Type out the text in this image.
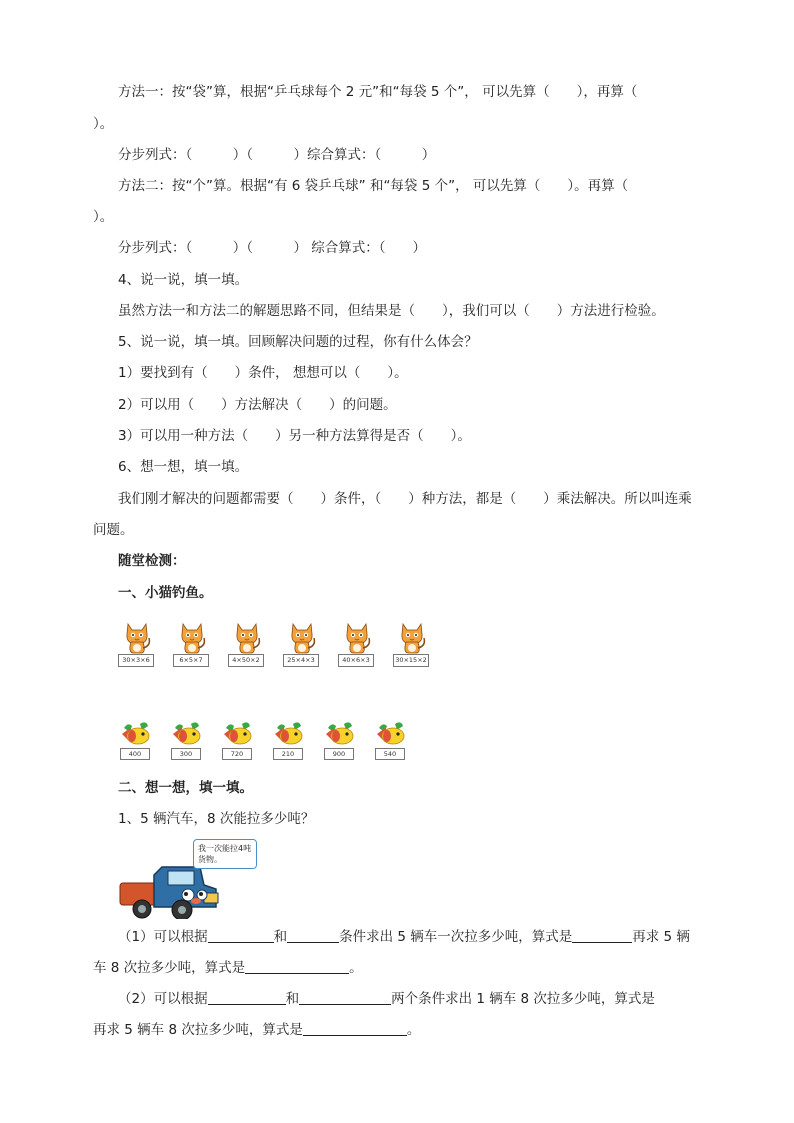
方法一：按“袋”算，根据“乒乓球每个 2 元”和“每袋 5 个”， 可以先算（　　），再算（
）。
分步列式：（　　　）（　　　）综合算式：（　　　）
方法二：按“个”算。根据“有 6 袋乒乓球” 和“每袋 5 个”， 可以先算（　　）。再算（
）。
分步列式：（　　　）（　　　） 综合算式：（　　）
4、说一说，填一填。
虽然方法一和方法二的解题思路不同，但结果是（　　），我们可以（　　）方法进行检验。
5、说一说，填一填。回顾解决问题的过程，你有什么体会？
1）要找到有（　　）条件， 想想可以（　　）。
2）可以用（　　）方法解决（　　）的问题。
3）可以用一种方法（　　）另一种方法算得是否（　　）。
6、想一想，填一填。
我们刚才解决的问题都需要（　　）条件，（　　）种方法，都是（　　）乘法解决。所以叫连乘
问题。
随堂检测：
一、小猫钓鱼。
30×3×6	6×5×7	4×50×2	25×4×3	40×6×3	30×15×2
400	300	720	210	900	540
二、想一想，填一填。
1、5 辆汽车，8 次能拉多少吨？
我一次能拉4吨货物。
（1）可以根据	和	条件求出 5 辆车一次拉多少吨，算式是	再求 5 辆
车 8 次拉多少吨，算式是	。
（2）可以根据	和	两个条件求出 1 辆车 8 次拉多少吨，算式是
再求 5 辆车 8 次拉多少吨，算式是	。
